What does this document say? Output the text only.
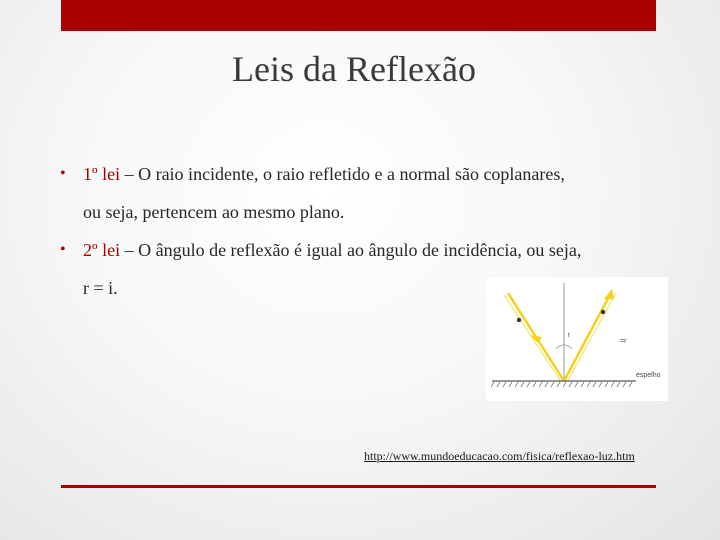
Leis da Reflexão
• 1º lei – O raio incidente, o raio refletido e a normal são coplanares,
ou seja, pertencem ao mesmo plano.
• 2º lei – O ângulo de reflexão é igual ao ângulo de incidência, ou seja,
r = i.
r
=r
espelho
http://www.mundoeducacao.com/fisica/reflexao-luz.htm
